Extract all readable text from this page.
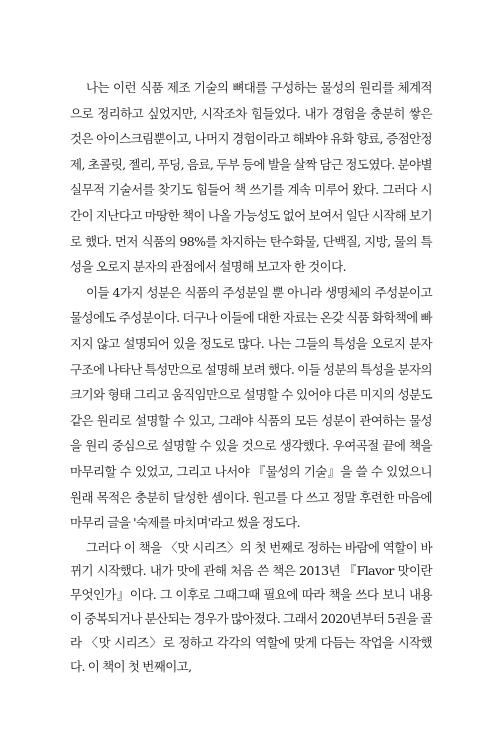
나는 이런 식품 제조 기술의 뼈대를 구성하는 물성의 원리를 체계적으로 정리하고 싶었지만, 시작조차 힘들었다. 내가 경험을 충분히 쌓은 것은 아이스크림뿐이고, 나머지 경험이라고 해봐야 유화 향료, 증점안정제, 초콜릿, 젤리, 푸딩, 음료, 두부 등에 발을 살짝 담근 정도였다. 분야별 실무적 기술서를 찾기도 힘들어 책 쓰기를 계속 미루어 왔다. 그러다 시간이 지난다고 마땅한 책이 나올 가능성도 없어 보여서 일단 시작해 보기로 했다. 먼저 식품의 98%를 차지하는 탄수화물, 단백질, 지방, 물의 특성을 오로지 분자의 관점에서 설명해 보고자 한 것이다.

이들 4가지 성분은 식품의 주성분일 뿐 아니라 생명체의 주성분이고 물성에도 주성분이다. 더구나 이들에 대한 자료는 온갖 식품 화학책에 빠지지 않고 설명되어 있을 정도로 많다. 나는 그들의 특성을 오로지 분자 구조에 나타난 특성만으로 설명해 보려 했다. 이들 성분의 특성을 분자의 크기와 형태 그리고 움직임만으로 설명할 수 있어야 다른 미지의 성분도 같은 원리로 설명할 수 있고, 그래야 식품의 모든 성분이 관여하는 물성을 원리 중심으로 설명할 수 있을 것으로 생각했다. 우여곡절 끝에 책을 마무리할 수 있었고, 그리고 나서야 『물성의 기술』을 쓸 수 있었으니 원래 목적은 충분히 달성한 셈이다. 원고를 다 쓰고 정말 후련한 마음에 마무리 글을 '숙제를 마치며'라고 썼을 정도다.

그러다 이 책을 〈맛 시리즈〉의 첫 번째로 정하는 바람에 역할이 바뀌기 시작했다. 내가 맛에 관해 처음 쓴 책은 2013년 『Flavor 맛이란 무엇인가』이다. 그 이후로 그때그때 필요에 따라 책을 쓰다 보니 내용이 중복되거나 분산되는 경우가 많아졌다. 그래서 2020년부터 5권을 골라 〈맛 시리즈〉로 정하고 각각의 역할에 맞게 다듬는 작업을 시작했다. 이 책이 첫 번째이고,
